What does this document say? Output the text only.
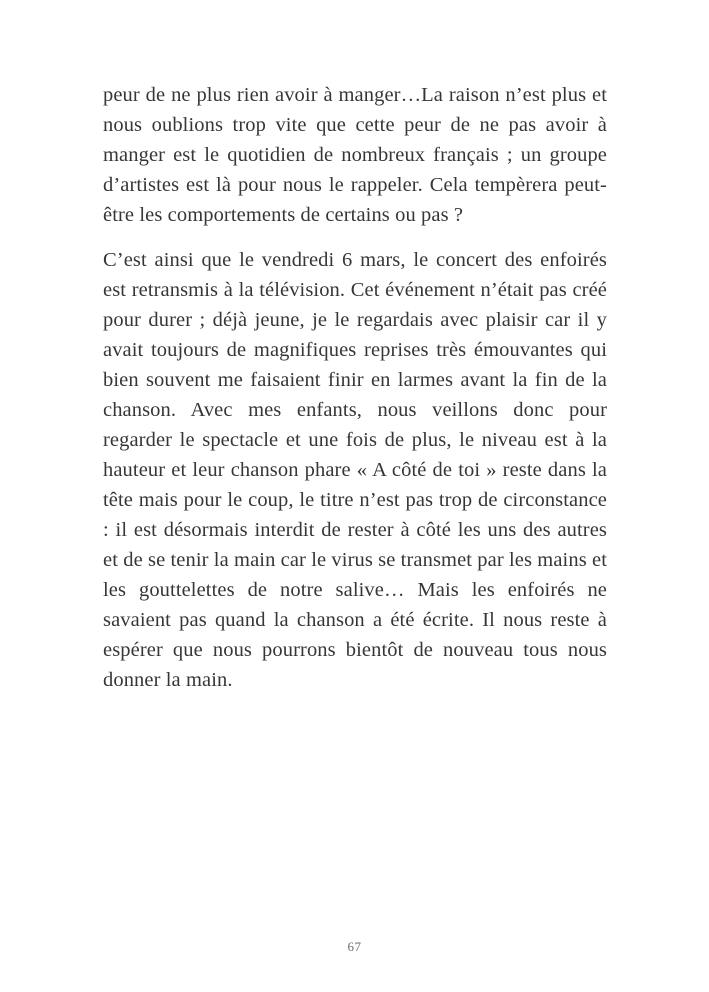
peur de ne plus rien avoir à manger…La raison n’est plus et nous oublions trop vite que cette peur de ne pas avoir à manger est le quotidien de nombreux français ; un groupe d’artistes est là pour nous le rappeler. Cela tempèrera peut-être les comportements de certains ou pas ?

C’est ainsi que le vendredi 6 mars, le concert des enfoirés est retransmis à la télévision. Cet événement n’était pas créé pour durer ; déjà jeune, je le regardais avec plaisir car il y avait toujours de magnifiques reprises très émouvantes qui bien souvent me faisaient finir en larmes avant la fin de la chanson. Avec mes enfants, nous veillons donc pour regarder le spectacle et une fois de plus, le niveau est à la hauteur et leur chanson phare « A côté de toi » reste dans la tête mais pour le coup, le titre n’est pas trop de circonstance : il est désormais interdit de rester à côté les uns des autres et de se tenir la main car le virus se transmet par les mains et les gouttelettes de notre salive… Mais les enfoirés ne savaient pas quand la chanson a été écrite. Il nous reste à espérer que nous pourrons bientôt de nouveau tous nous donner la main.

67
